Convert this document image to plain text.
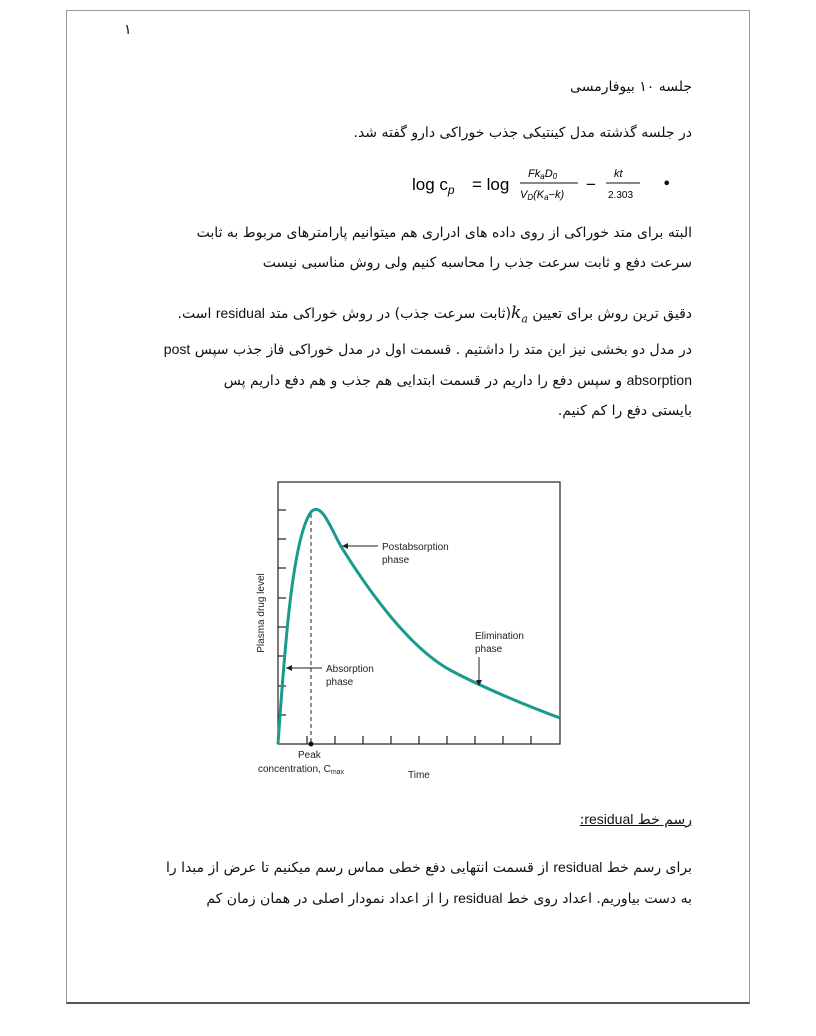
١
جلسه ۱۰ بیوفارمسی
در جلسه گذشته مدل کینتیکی جذب خوراکی دارو گفته شد.
$\log c_p = \log$
FkaD0
VD(Ka−k)
−
kt
2.303
•
البته برای متد خوراکی از روی داده های ادراری هم میتوانیم پارامترهای مربوط به ثابت
سرعت دفع و ثابت سرعت جذب را محاسبه کنیم ولی روش مناسبی نیست
دقیق ترین روش برای تعیین $k_a(ثابت$ سرعت جذب) در روش خوراکی متد residual است.
در مدل دو بخشی نیز این متد را داشتیم . قسمت اول در مدل خوراکی فاز جذب سپس post
absorption و سپس دفع را داریم در قسمت ابتدایی هم جذب و هم دفع داریم پس
بایستی دفع را کم کنیم.
Postabsorption
phase
Elimination
phase
Absorption
phase
Plasma drug level
Time
Peak
concentration, $C_{max}$
رسم خط residual:
برای رسم خط residual از قسمت انتهایی دفع خطی مماس رسم میکنیم تا عرض از مبدا را
به دست بیاوریم. اعداد روی خط residual را از اعداد نمودار اصلی در همان زمان کم
